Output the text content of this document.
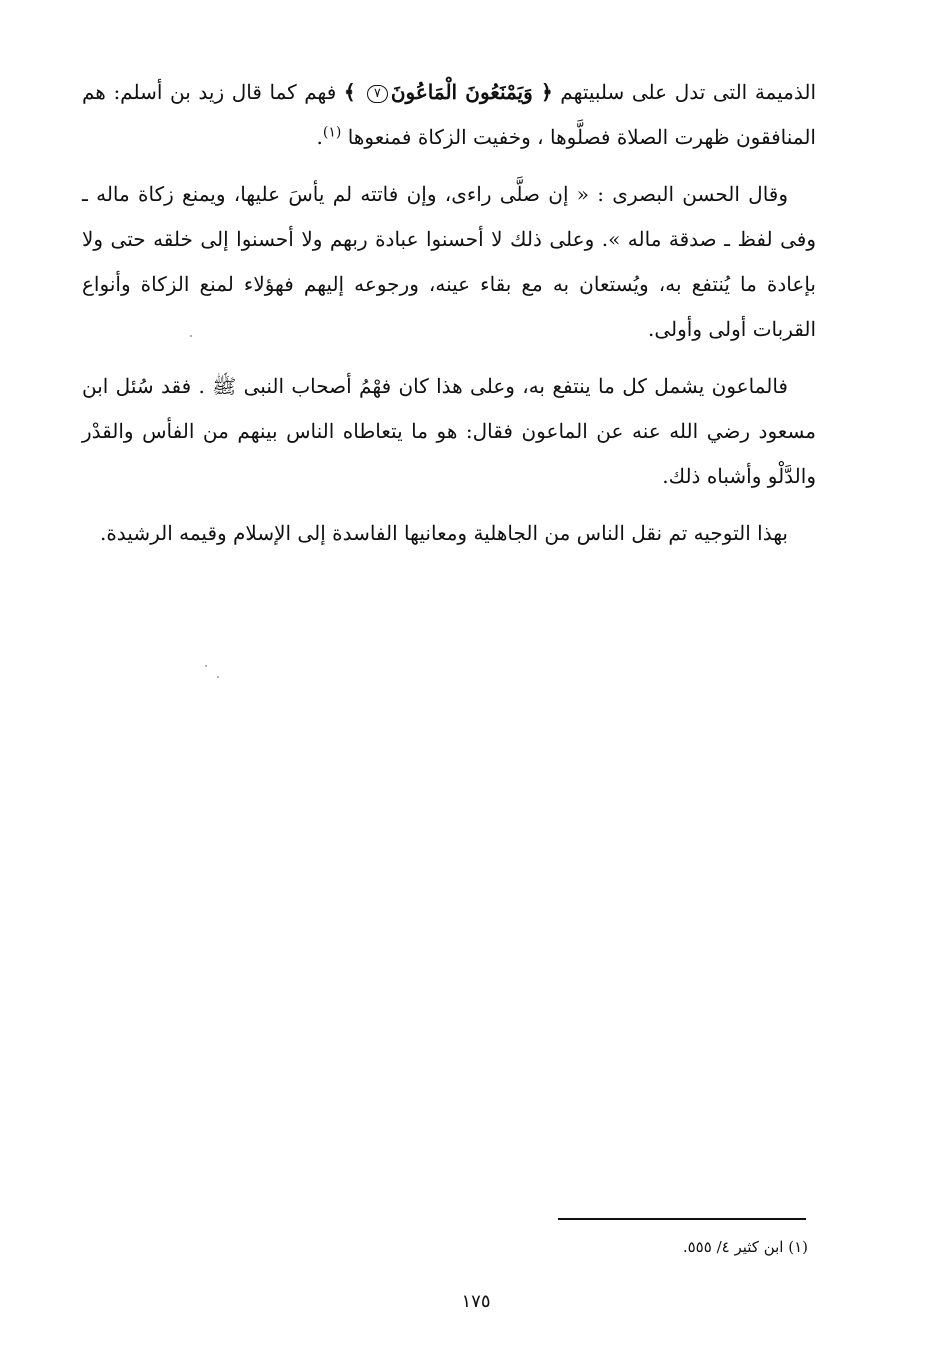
الذميمة التى تدل على سلبيتهم ﴿ وَيَمْنَعُونَ الْمَاعُونَ٧ ﴾ فهم كما قال زيد بن أسلم: هم المنافقون ظهرت الصلاة فصلَّوها ، وخفيت الزكاة فمنعوها $^{(١)}$.

وقال الحسن البصرى : « إن صلَّى راءى، وإن فاتته لم يأسَ عليها، ويمنع زكاة ماله ـ وفى لفظ ـ صدقة ماله ». وعلى ذلك لا أحسنوا عبادة ربهم ولا أحسنوا إلى خلقه حتى ولا بإعادة ما يُنتفع به، ويُستعان به مع بقاء عينه، ورجوعه إليهم فهؤلاء لمنع الزكاة وأنواع القربات أولى وأولى.

فالماعون يشمل كل ما ينتفع به، وعلى هذا كان فهْمُ أصحاب النبى ﷺ . فقد سُئل ابن مسعود رضي الله عنه عن الماعون فقال: هو ما يتعاطاه الناس بينهم من الفأس والقدْر والدَّلْو وأشباه ذلك.

بهذا التوجيه تم نقل الناس من الجاهلية ومعانيها الفاسدة إلى الإسلام وقيمه الرشيدة.

(١) ابن كثير ٤/ ٥٥٥.
١٧٥
